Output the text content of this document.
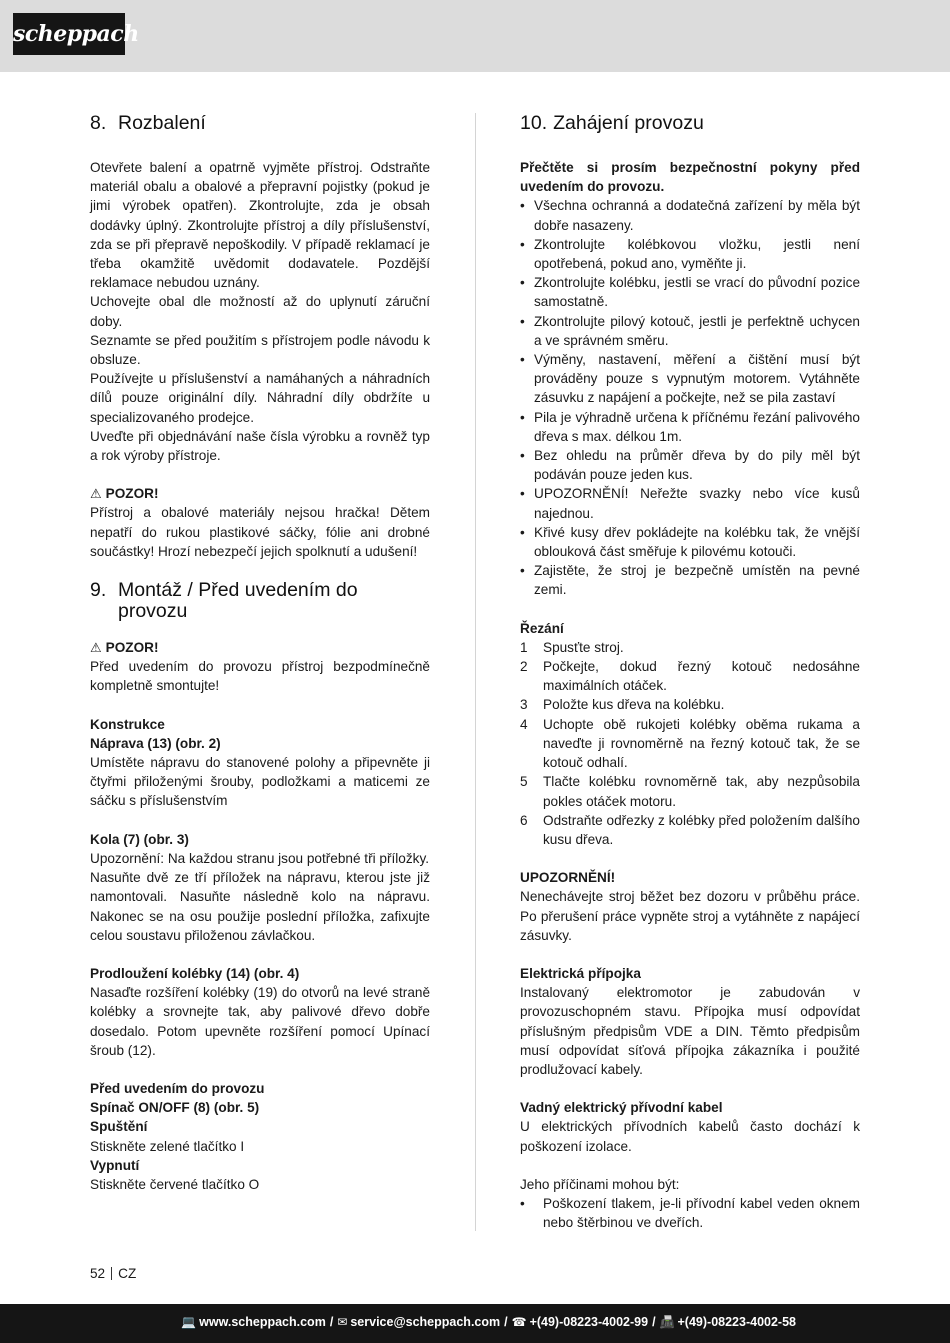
scheppach
8. Rozbalení

Otevřete balení a opatrně vyjměte přístroj. Odstraňte materiál obalu a obalové a přepravní pojistky (pokud je jimi výrobek opatřen). Zkontrolujte, zda je obsah dodávky úplný. Zkontrolujte přístroj a díly příslušenství, zda se při přepravě nepoškodily. V případě reklamací je třeba okamžitě uvědomit dodavatele. Pozdější reklamace nebudou uznány.

Uchovejte obal dle možností až do uplynutí záruční doby.

Seznamte se před použitím s přístrojem podle návodu k obsluze.

Používejte u příslušenství a namáhaných a náhradních dílů pouze originální díly. Náhradní díly obdržíte u specializovaného prodejce.

Uveďte při objednávání naše čísla výrobku a rovněž typ a rok výroby přístroje.

⚠ POZOR!

Přístroj a obalové materiály nejsou hračka! Dětem nepatří do rukou plastikové sáčky, fólie ani drobné součástky! Hrozí nebezpečí jejich spolknutí a udušení!

9. Montáž / Před uvedením do provozu
⚠ POZOR!

Před uvedením do provozu přístroj bezpodmínečně kompletně smontujte!

Konstrukce
Náprava (13) (obr. 2)

Umístěte nápravu do stanovené polohy a připevněte ji čtyřmi přiloženými šrouby, podložkami a maticemi ze sáčku s příslušenstvím

Kola (7) (obr. 3)

Upozornění: Na každou stranu jsou potřebné tři příložky.

Nasuňte dvě ze tří příložek na nápravu, kterou jste již namontovali. Nasuňte následně kolo na nápravu. Nakonec se na osu použije poslední příložka, zafixujte celou soustavu přiloženou závlačkou.

Prodloužení kolébky (14) (obr. 4)

Nasaďte rozšíření kolébky (19) do otvorů na levé straně kolébky a srovnejte tak, aby palivové dřevo dobře dosedalo. Potom upevněte rozšíření pomocí Upínací šroub (12).

Před uvedením do provozu
Spínač ON/OFF (8) (obr. 5)
Spuštění

Stiskněte zelené tlačítko I

Vypnutí

Stiskněte červené tlačítko O

10. Zahájení provozu

Přečtěte si prosím bezpečnostní pokyny před uvedením do provozu.

• Všechna ochranná a dodatečná zařízení by měla být dobře nasazeny.
• Zkontrolujte kolébkovou vložku, jestli není opotřebená, pokud ano, vyměňte ji.
• Zkontrolujte kolébku, jestli se vrací do původní pozice samostatně.
• Zkontrolujte pilový kotouč, jestli je perfektně uchycen a ve správném směru.
• Výměny, nastavení, měření a čištění musí být prováděny pouze s vypnutým motorem. Vytáhněte zásuvku z napájení a počkejte, než se pila zastaví
• Pila je výhradně určena k příčnému řezání palivového dřeva s max. délkou 1m.
• Bez ohledu na průměr dřeva by do pily měl být podáván pouze jeden kus.
• UPOZORNĚNÍ! Neřežte svazky nebo více kusů najednou.
• Křivé kusy dřev pokládejte na kolébku tak, že vnější oblouková část směřuje k pilovému kotouči.
• Zajistěte, že stroj je bezpečně umístěn na pevné zemi.
Řezání
1 Spusťte stroj.
2 Počkejte, dokud řezný kotouč nedosáhne maximálních otáček.
3 Položte kus dřeva na kolébku.
4 Uchopte obě rukojeti kolébky oběma rukama a naveďte ji rovnoměrně na řezný kotouč tak, že se kotouč odhalí.
5 Tlačte kolébku rovnoměrně tak, aby nezpůsobila pokles otáček motoru.
6 Odstraňte odřezky z kolébky před položením dalšího kusu dřeva.
UPOZORNĚNÍ!

Nenechávejte stroj běžet bez dozoru v průběhu práce. Po přerušení práce vypněte stroj a vytáhněte z napájecí zásuvky.

Elektrická přípojka

Instalovaný elektromotor je zabudován v provozuschopném stavu. Přípojka musí odpovídat příslušným předpisům VDE a DIN. Těmto předpisům musí odpovídat síťová přípojka zákazníka i použité prodlužovací kabely.

Vadný elektrický přívodní kabel

U elektrických přívodních kabelů často dochází k poškození izolace.

Jeho příčinami mohou být:

• Poškození tlakem, je-li přívodní kabel veden oknem nebo štěrbinou ve dveřích.
52 CZ
💻 www.scheppach.com / ✉ service@scheppach.com / ☎ +(49)-08223-4002-99 / 📠 +(49)-08223-4002-58
